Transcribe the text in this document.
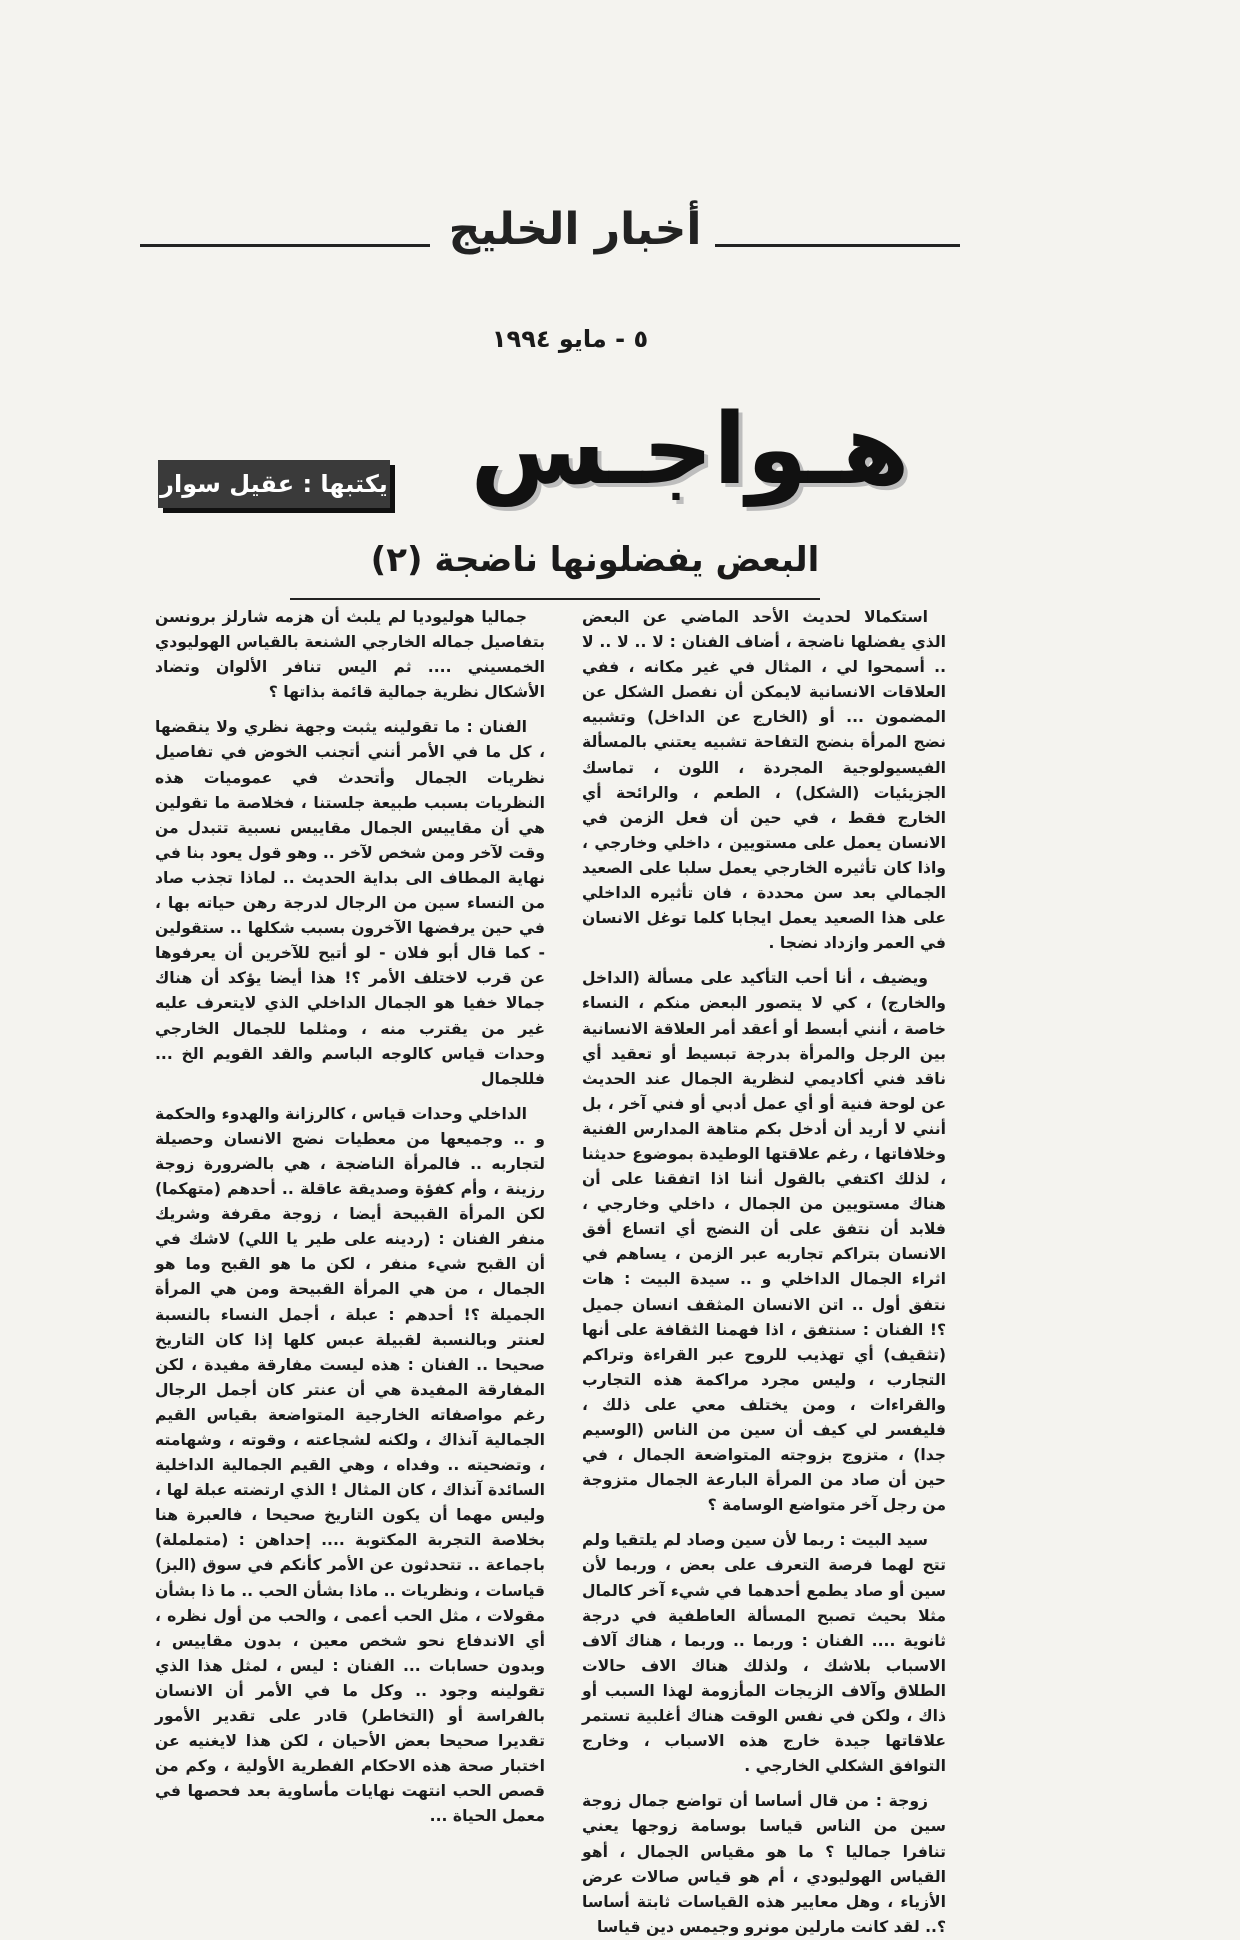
أخبار الخليج
٥ - مايو ١٩٩٤
هـواجـس
يكتبها : عقيل سوار
البعض يفضلونها ناضجة (٢)

استكمالا لحديث الأحد الماضي عن البعض الذي يفضلها ناضجة ، أضاف الفنان : لا .. لا .. لا .. أسمحوا لي ، المثال في غير مكانه ، ففي العلاقات الانسانية لايمكن أن نفصل الشكل عن المضمون ... أو (الخارج عن الداخل) وتشبيه نضج المرأة بنضج التفاحة تشبيه يعتني بالمسألة الفيسيولوجية المجردة ، اللون ، تماسك الجزيئيات (الشكل) ، الطعم ، والرائحة أي الخارج فقط ، في حين أن فعل الزمن في الانسان يعمل على مستويين ، داخلي وخارجي ، واذا كان تأثيره الخارجي يعمل سلبا على الصعيد الجمالي بعد سن محددة ، فان تأثيره الداخلي على هذا الصعيد يعمل ايجابا كلما توغل الانسان في العمر وازداد نضجا .

ويضيف ، أنا أحب التأكيد على مسألة (الداخل والخارج) ، كي لا يتصور البعض منكم ، النساء خاصة ، أنني أبسط أو أعقد أمر العلاقة الانسانية بين الرجل والمرأة بدرجة تبسيط أو تعقيد أي ناقد فني أكاديمي لنظرية الجمال عند الحديث عن لوحة فنية أو أي عمل أدبي أو فني آخر ، بل أنني لا أريد أن أدخل بكم متاهة المدارس الفنية وخلافاتها ، رغم علاقتها الوطيدة بموضوع حديثنا ، لذلك اكتفي بالقول أننا اذا اتفقنا على أن هناك مستويين من الجمال ، داخلي وخارجي ، فلابد أن نتفق على أن النضج أي اتساع أفق الانسان بتراكم تجاربه عبر الزمن ، يساهم في اثراء الجمال الداخلي و .. سيدة البيت : هات نتفق أول .. اتن الانسان المثقف انسان جميل ؟! الفنان : سنتفق ، اذا فهمنا الثقافة على أنها (تثقيف) أي تهذيب للروح عبر القراءة وتراكم التجارب ، وليس مجرد مراكمة هذه التجارب والقراءات ، ومن يختلف معي على ذلك ، فليفسر لي كيف أن سين من الناس (الوسيم جدا) ، متزوج بزوجته المتواضعة الجمال ، في حين أن صاد من المرأة البارعة الجمال متزوجة من رجل آخر متواضع الوسامة ؟

سيد البيت : ربما لأن سين وصاد لم يلتقيا ولم تتح لهما فرصة التعرف على بعض ، وربما لأن سين أو صاد يطمع أحدهما في شيء آخر كالمال مثلا بحيث تصبح المسألة العاطفية في درجة ثانوية .... الفنان : وربما .. وربما ، هناك آلاف الاسباب بلاشك ، ولذلك هناك الاف حالات الطلاق وآلاف الزيجات المأزومة لهذا السبب أو ذاك ، ولكن في نفس الوقت هناك أغلبية تستمر علاقاتها جيدة خارج هذه الاسباب ، وخارج التوافق الشكلي الخارجي .

زوجة : من قال أساسا أن تواضع جمال زوجة سين من الناس قياسا بوسامة زوجها يعني تنافرا جماليا ؟ ما هو مقياس الجمال ، أهو القياس الهوليودي ، أم هو قياس صالات عرض الأزياء ، وهل معايير هذه القياسات ثابتة أساسا ؟.. لقد كانت مارلين مونرو وجيمس دين قياسا

جماليا هوليوديا لم يلبث أن هزمه شارلز برونسن بتفاصيل جماله الخارجي الشنعة بالقياس الهوليودي الخمسيني .... ثم اليس تنافر الألوان وتضاد الأشكال نظرية جمالية قائمة بذاتها ؟

الفنان : ما تقولينه يثبت وجهة نظري ولا ينقضها ، كل ما في الأمر أنني أتجنب الخوض في تفاصيل نظريات الجمال وأتحدث في عموميات هذه النظريات بسبب طبيعة جلستنا ، فخلاصة ما تقولين هي أن مقاييس الجمال مقاييس نسبية تتبدل من وقت لآخر ومن شخص لآخر .. وهو قول يعود بنا في نهاية المطاف الى بداية الحديث .. لماذا تجذب صاد من النساء سين من الرجال لدرجة رهن حياته بها ، في حين يرفضها الآخرون بسبب شكلها .. ستقولين - كما قال أبو فلان - لو أتيح للآخرين أن يعرفوها عن قرب لاختلف الأمر ؟! هذا أيضا يؤكد أن هناك جمالا خفيا هو الجمال الداخلي الذي لايتعرف عليه غير من يقترب منه ، ومثلما للجمال الخارجي وحدات قياس كالوجه الباسم والقد القويم الخ ... فللجمال

الداخلي وحدات قياس ، كالرزانة والهدوء والحكمة و .. وجميعها من معطيات نضج الانسان وحصيلة لتجاربه .. فالمرأة الناضجة ، هي بالضرورة زوجة رزينة ، وأم كفؤة وصديقة عاقلة .. أحدهم (متهكما) لكن المرأة القبيحة أيضا ، زوجة مقرفة وشريك منفر الفنان : (ردينه على طير يا اللي) لاشك في أن القبح شيء منفر ، لكن ما هو القبح وما هو الجمال ، من هي المرأة القبيحة ومن هي المرأة الجميلة ؟! أحدهم : عبلة ، أجمل النساء بالنسبة لعنتر وبالنسبة لقبيلة عبس كلها إذا كان التاريخ صحيحا .. الفنان : هذه ليست مفارقة مفيدة ، لكن المفارقة المفيدة هي أن عنتر كان أجمل الرجال رغم مواصفاته الخارجية المتواضعة بقياس القيم الجمالية آنذاك ، ولكنه لشجاعته ، وقوته ، وشهامته ، وتضحيته .. وفداه ، وهي القيم الجمالية الداخلية السائدة آنذاك ، كان المثال ! الذي ارتضته عبلة لها ، وليس مهما أن يكون التاريخ صحيحا ، فالعبرة هنا بخلاصة التجربة المكتوبة .... إحداهن : (متململة) باجماعة .. تتحدثون عن الأمر كأنكم في سوق (البز) قياسات ، ونظريات .. ماذا بشأن الحب .. ما ذا بشأن مقولات ، مثل الحب أعمى ، والحب من أول نظره ، أي الاندفاع نحو شخص معين ، بدون مقاييس ، وبدون حسابات ... الفنان : ليس ، لمثل هذا الذي تقولينه وجود .. وكل ما في الأمر أن الانسان بالفراسة أو (التخاطر) قادر على تقدير الأمور تقديرا صحيحا بعض الأحيان ، لكن هذا لايغنيه عن اختبار صحة هذه الاحكام الفطرية الأولية ، وكم من قصص الحب انتهت نهايات مأساوية بعد فحصها في معمل الحياة ...
